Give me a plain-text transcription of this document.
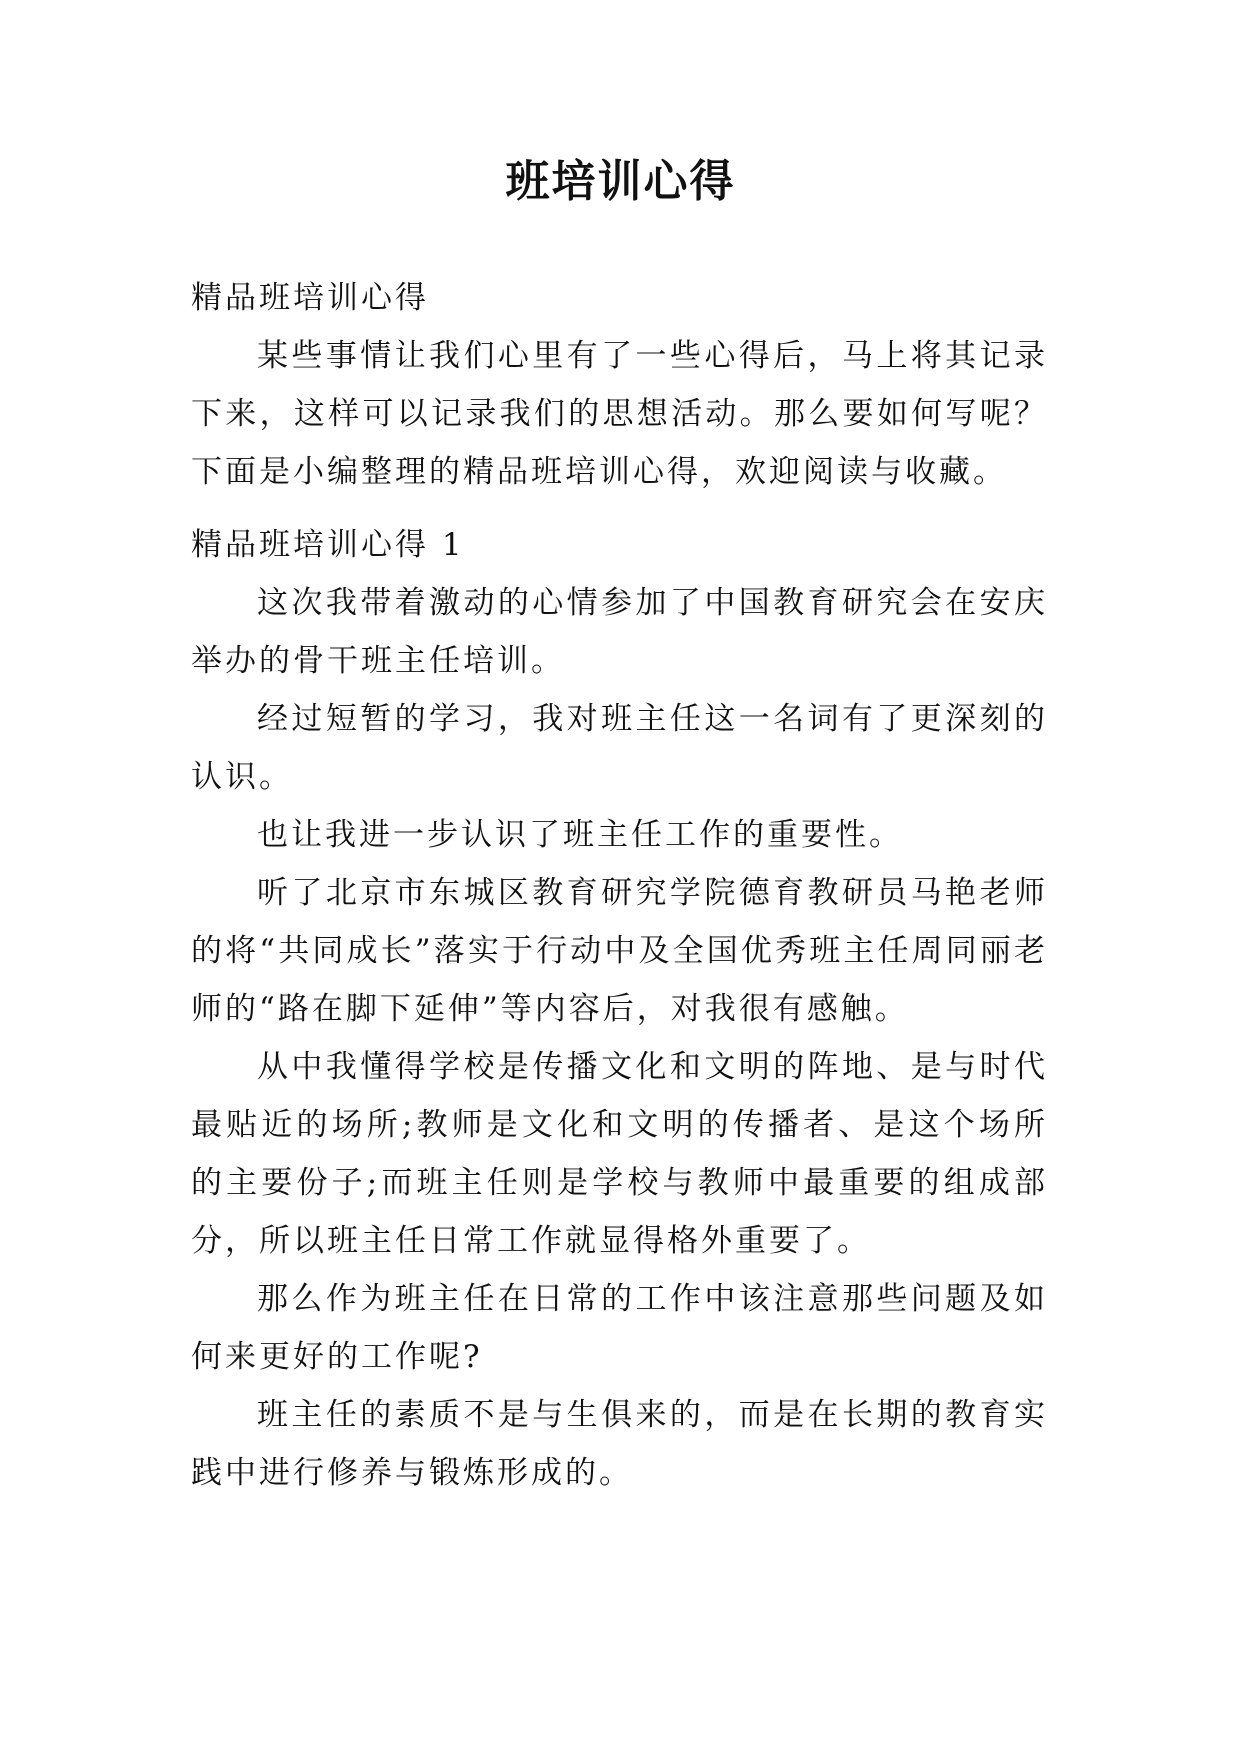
班培训心得

精品班培训心得

某些事情让我们心里有了一些心得后，马上将其记录下来，这样可以记录我们的思想活动。那么要如何写呢？下面是小编整理的精品班培训心得，欢迎阅读与收藏。

精品班培训心得 1

这次我带着激动的心情参加了中国教育研究会在安庆举办的骨干班主任培训。

经过短暂的学习，我对班主任这一名词有了更深刻的认识。

也让我进一步认识了班主任工作的重要性。

听了北京市东城区教育研究学院德育教研员马艳老师的将“共同成长”落实于行动中及全国优秀班主任周同丽老师的“路在脚下延伸”等内容后，对我很有感触。

从中我懂得学校是传播文化和文明的阵地、是与时代最贴近的场所;教师是文化和文明的传播者、是这个场所的主要份子;而班主任则是学校与教师中最重要的组成部分，所以班主任日常工作就显得格外重要了。

那么作为班主任在日常的工作中该注意那些问题及如何来更好的工作呢?

班主任的素质不是与生俱来的，而是在长期的教育实践中进行修养与锻炼形成的。
